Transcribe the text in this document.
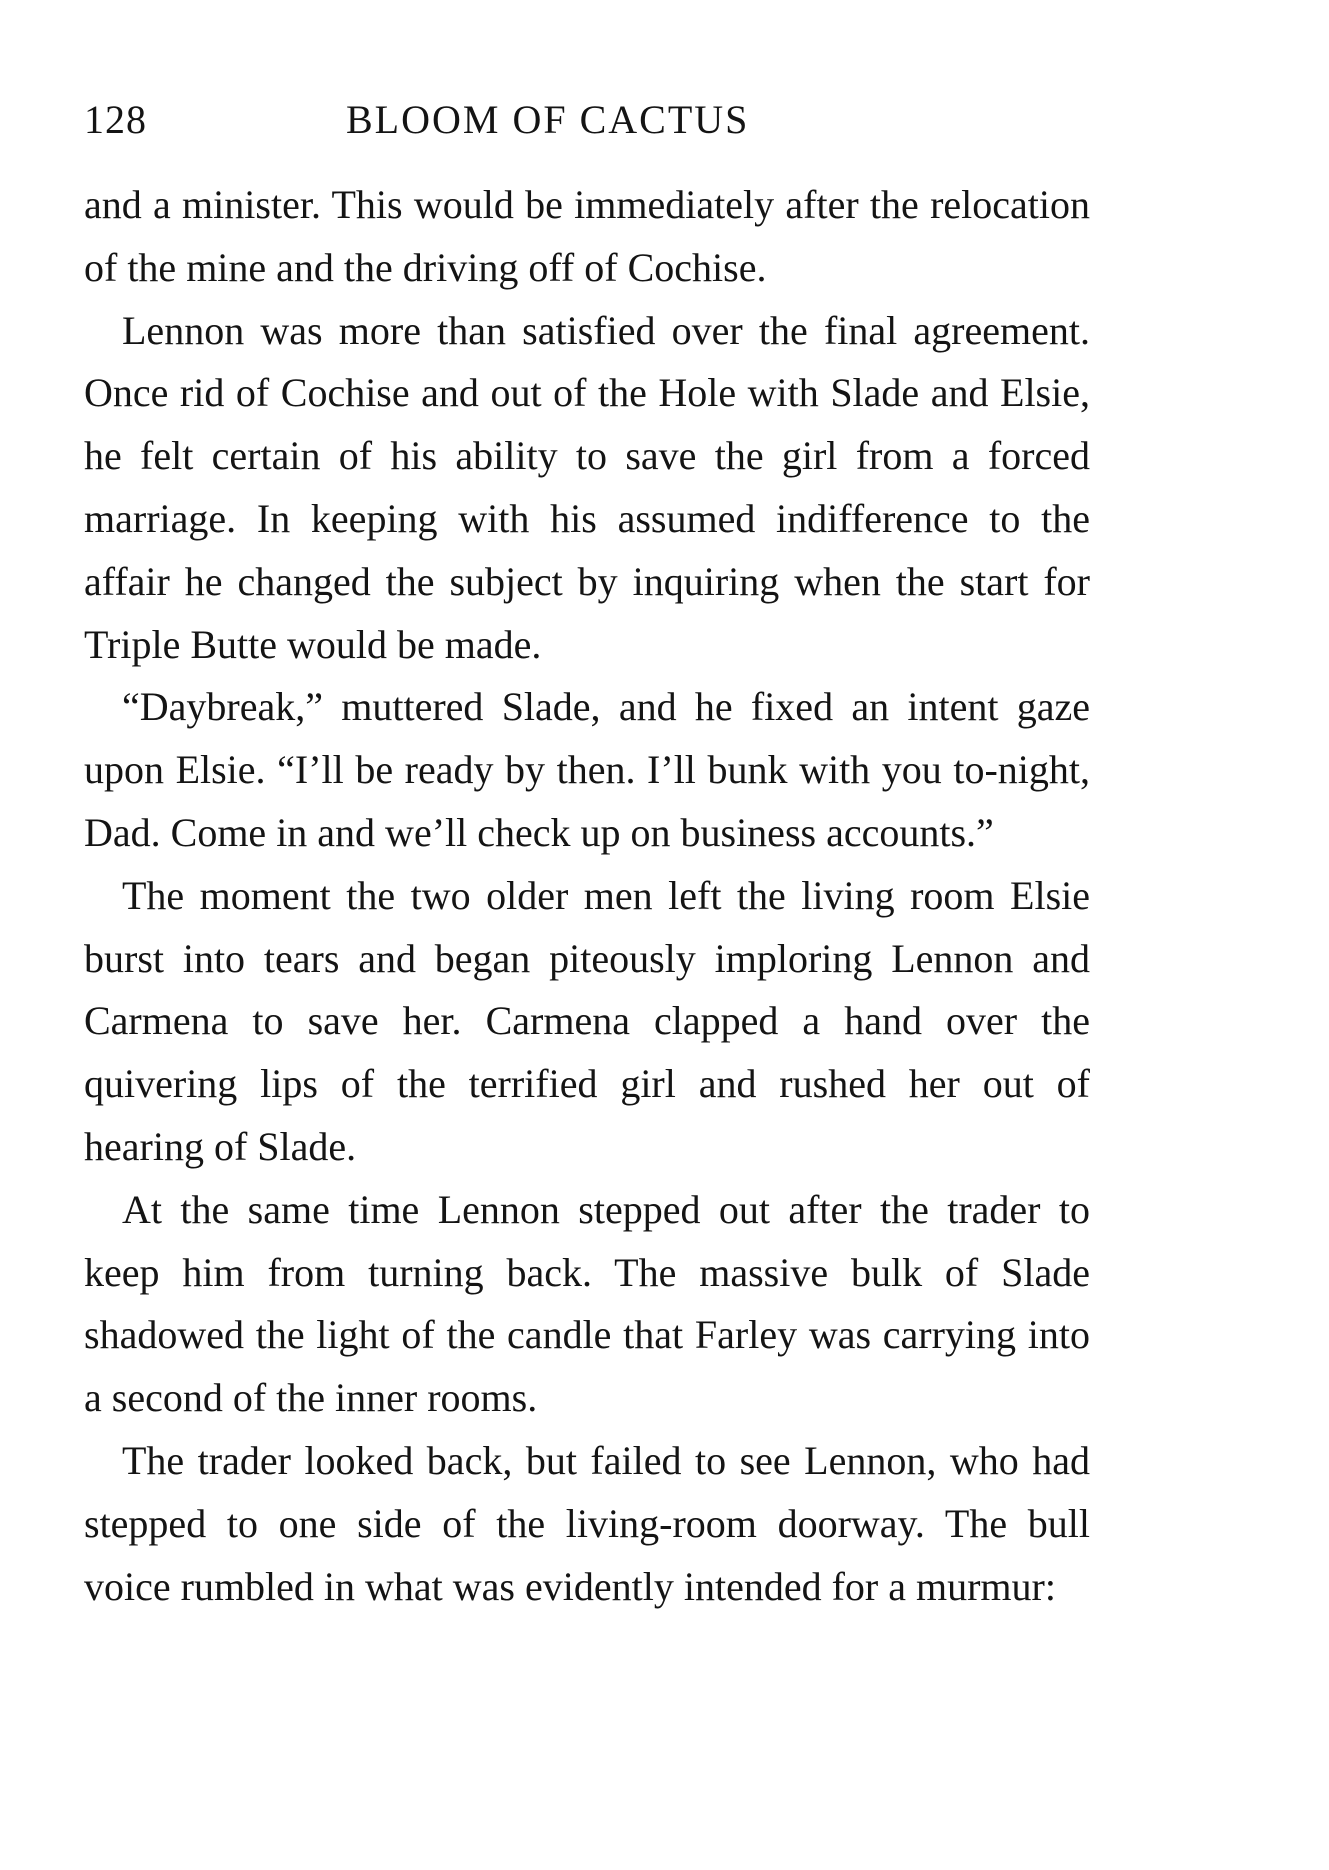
128	BLOOM OF CACTUS

and a minister. This would be immediately after the relocation of the mine and the driving off of Cochise.

Lennon was more than satisfied over the final agreement. Once rid of Cochise and out of the Hole with Slade and Elsie, he felt certain of his ability to save the girl from a forced marriage. In keeping with his assumed indifference to the affair he changed the subject by inquiring when the start for Triple Butte would be made.

“Daybreak,” muttered Slade, and he fixed an intent gaze upon Elsie. “I’ll be ready by then. I’ll bunk with you to-night, Dad. Come in and we’ll check up on business accounts.”

The moment the two older men left the living room Elsie burst into tears and began piteously imploring Lennon and Carmena to save her. Carmena clapped a hand over the quivering lips of the terrified girl and rushed her out of hearing of Slade.

At the same time Lennon stepped out after the trader to keep him from turning back. The massive bulk of Slade shadowed the light of the candle that Farley was carrying into a second of the inner rooms.

The trader looked back, but failed to see Lennon, who had stepped to one side of the living-room doorway. The bull voice rumbled in what was evidently intended for a murmur:
